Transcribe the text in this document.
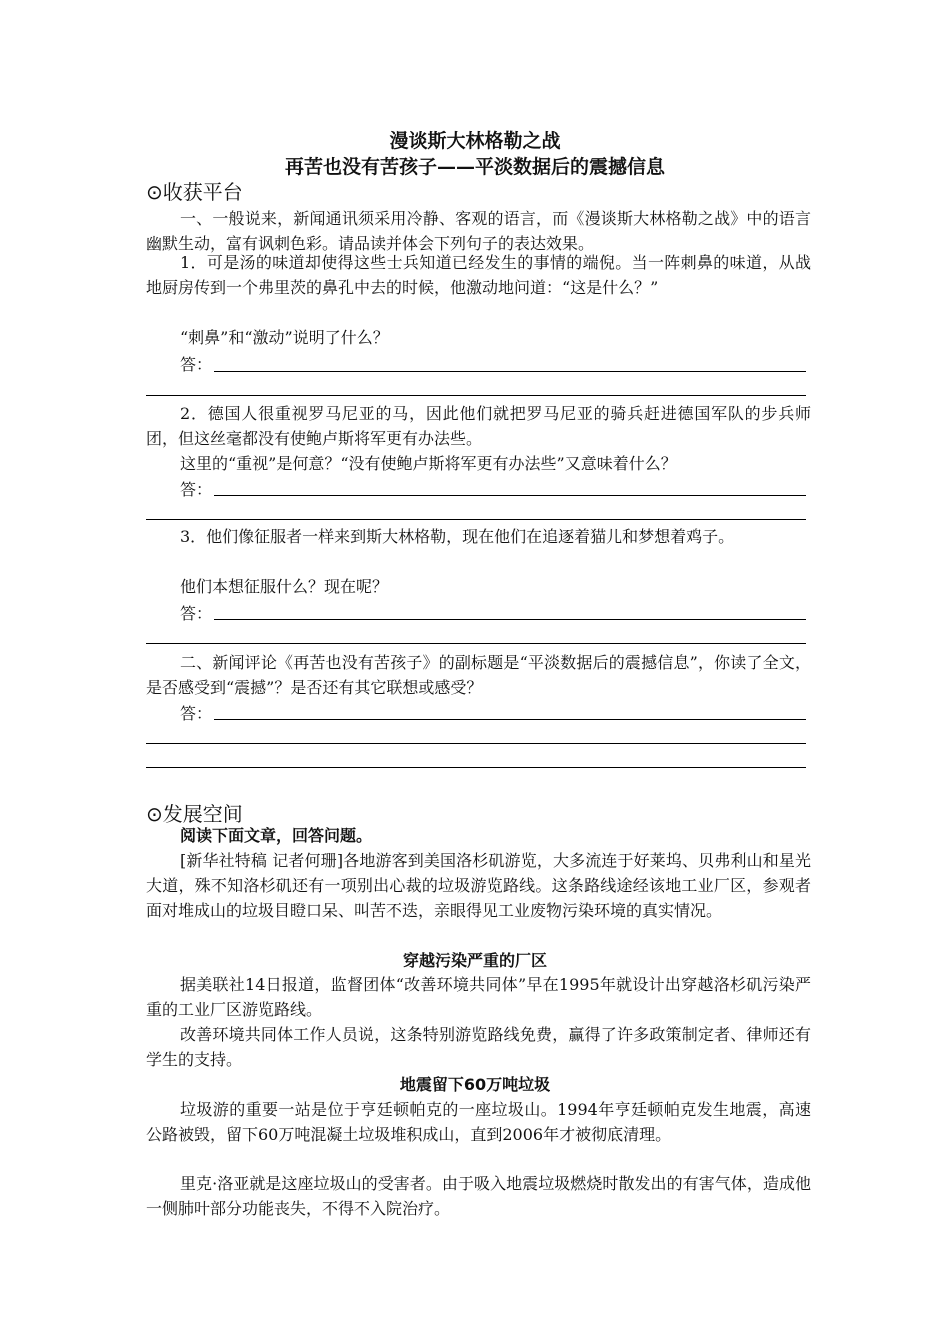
漫谈斯大林格勒之战
再苦也没有苦孩子——平淡数据后的震撼信息
⊙收获平台
一、一般说来，新闻通讯须采用冷静、客观的语言，而《漫谈斯大林格勒之战》中的语言幽默生动，富有讽刺色彩。请品读并体会下列句子的表达效果。
1．可是汤的味道却使得这些士兵知道已经发生的事情的端倪。当一阵刺鼻的味道，从战地厨房传到一个弗里茨的鼻孔中去的时候，他激动地问道：“这是什么？”
“刺鼻”和“激动”说明了什么？
答：
2．德国人很重视罗马尼亚的马，因此他们就把罗马尼亚的骑兵赶进德国军队的步兵师团，但这丝毫都没有使鲍卢斯将军更有办法些。
这里的“重视”是何意？“没有使鲍卢斯将军更有办法些”又意味着什么？
答：
3．他们像征服者一样来到斯大林格勒，现在他们在追逐着猫儿和梦想着鸡子。
他们本想征服什么？现在呢？
答：
二、新闻评论《再苦也没有苦孩子》的副标题是“平淡数据后的震撼信息”，你读了全文，是否感受到“震撼”？是否还有其它联想或感受？
答：
⊙发展空间
阅读下面文章，回答问题。
[新华社特稿 记者何珊]各地游客到美国洛杉矶游览，大多流连于好莱坞、贝弗利山和星光大道，殊不知洛杉矶还有一项别出心裁的垃圾游览路线。这条路线途经该地工业厂区，参观者面对堆成山的垃圾目瞪口呆、叫苦不迭，亲眼得见工业废物污染环境的真实情况。
穿越污染严重的厂区
据美联社14日报道，监督团体“改善环境共同体”早在1995年就设计出穿越洛杉矶污染严重的工业厂区游览路线。
改善环境共同体工作人员说，这条特别游览路线免费，赢得了许多政策制定者、律师还有学生的支持。
地震留下60万吨垃圾
垃圾游的重要一站是位于亨廷顿帕克的一座垃圾山。1994年亨廷顿帕克发生地震，高速公路被毁，留下60万吨混凝土垃圾堆积成山，直到2006年才被彻底清理。
里克·洛亚就是这座垃圾山的受害者。由于吸入地震垃圾燃烧时散发出的有害气体，造成他一侧肺叶部分功能丧失，不得不入院治疗。
